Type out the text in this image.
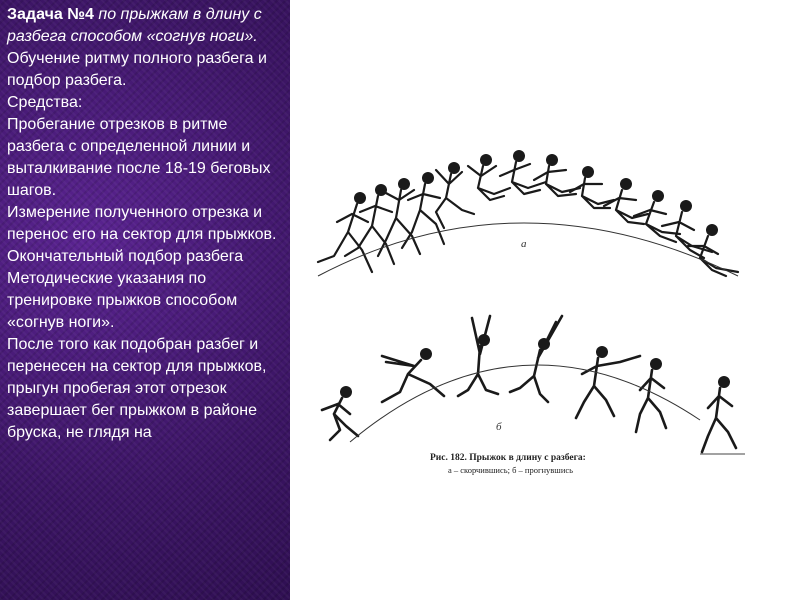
Задача №4 по прыжкам в длину с разбега способом «согнув ноги». Обучение ритму полного разбега и подбор разбега.
Средства:
Пробегание отрезков в ритме разбега с определенной линии и выталкивание после 18-19 беговых шагов.
Измерение полученного отрезка и перенос его на сектор для прыжков.
Окончательный подбор разбега
Методические указания по тренировке прыжков способом «согнув ноги».
После того как подобран разбег и перенесен на сектор для прыжков, прыгун пробегая этот отрезок завершает бег прыжком в районе бруска, не глядя на
а
б
Рис. 182. Прыжок в длину с разбега:
а – скорчившись; б – прогнувшись
